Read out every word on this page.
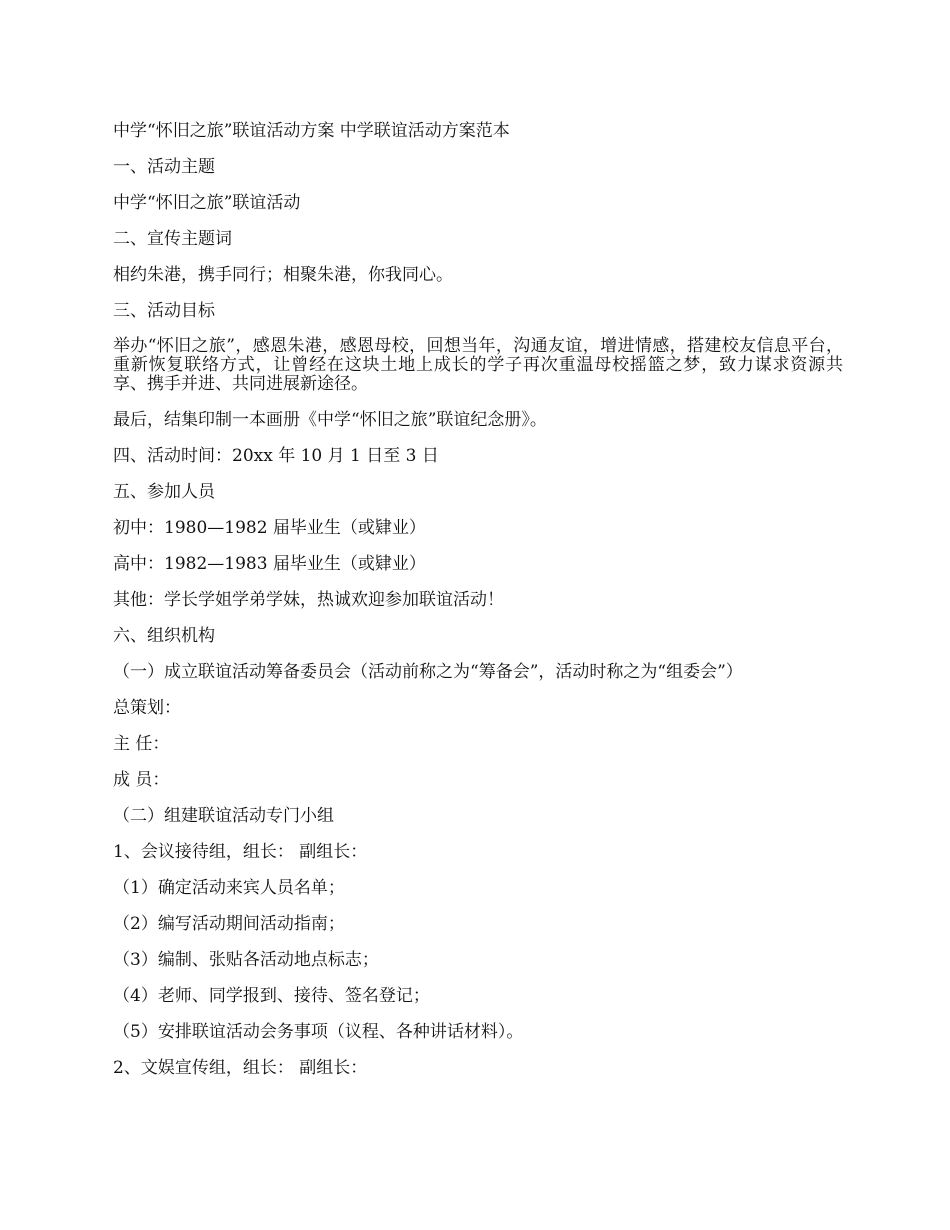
中学“怀旧之旅”联谊活动方案 中学联谊活动方案范本

一、活动主题

中学“怀旧之旅”联谊活动

二、宣传主题词

相约朱港，携手同行；相聚朱港，你我同心。

三、活动目标

举办“怀旧之旅”，感恩朱港，感恩母校，回想当年，沟通友谊，增进情感，搭建校友信息平台，重新恢复联络方式，让曾经在这块土地上成长的学子再次重温母校摇篮之梦，致力谋求资源共享、携手并进、共同进展新途径。

最后，结集印制一本画册《中学“怀旧之旅”联谊纪念册》。

四、活动时间：20xx 年 10 月 1 日至 3 日

五、参加人员

初中：1980—1982 届毕业生（或肄业）

高中：1982—1983 届毕业生（或肄业）

其他：学长学姐学弟学妹，热诚欢迎参加联谊活动！

六、组织机构

（一）成立联谊活动筹备委员会（活动前称之为“筹备会”，活动时称之为“组委会”）

总策划：

主 任：

成 员：

（二）组建联谊活动专门小组

1、会议接待组，组长： 副组长：

（1）确定活动来宾人员名单；

（2）编写活动期间活动指南；

（3）编制、张贴各活动地点标志；

（4）老师、同学报到、接待、签名登记；

（5）安排联谊活动会务事项（议程、各种讲话材料）。

2、文娱宣传组，组长： 副组长：
